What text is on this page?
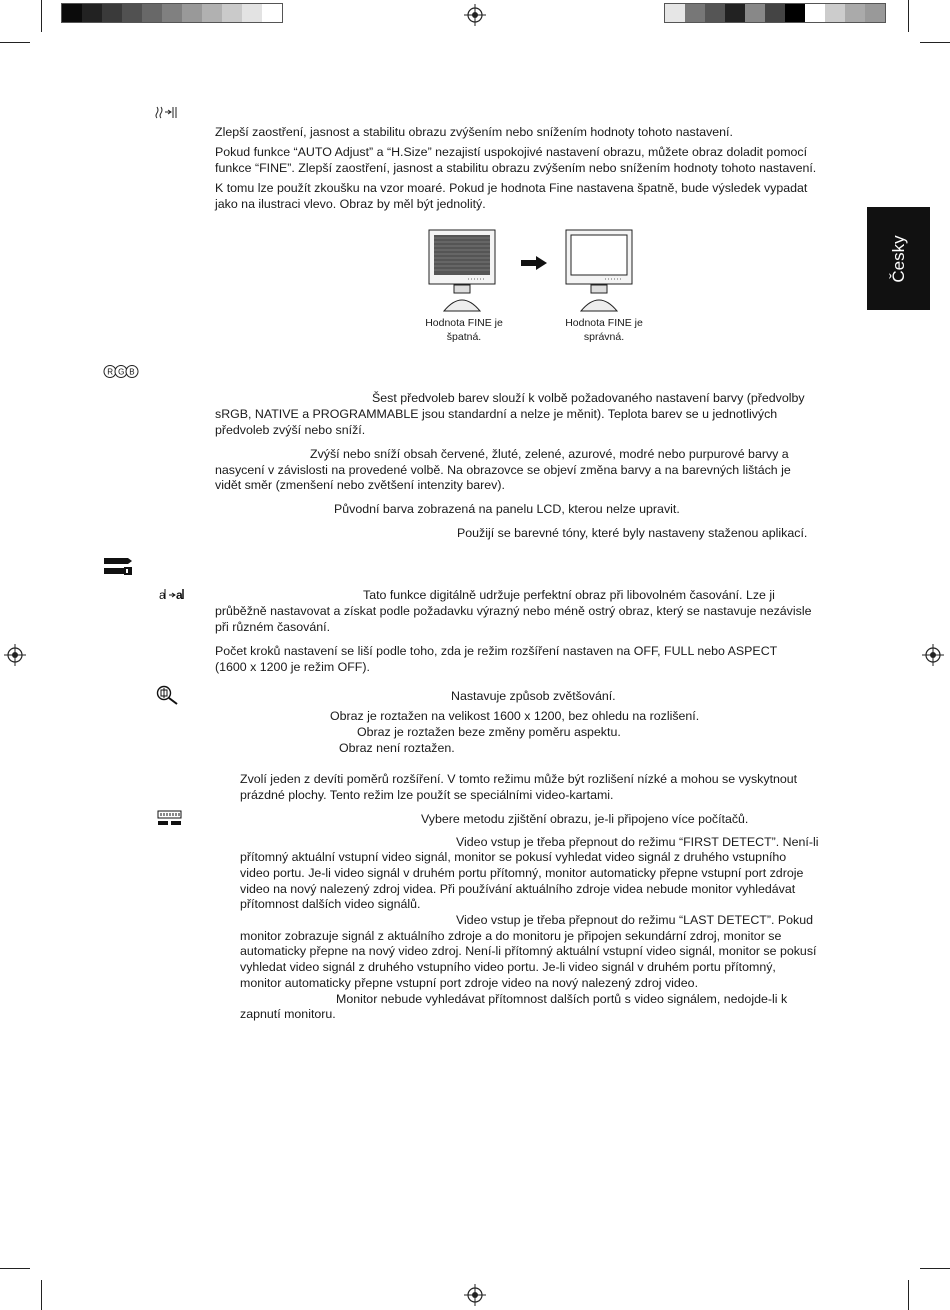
Česky

Zlepší zaostření, jasnost a stabilitu obrazu zvýšením nebo snížením hodnoty tohoto nastavení.

Pokud funkce “AUTO Adjust” a “H.Size” nezajistí uspokojivé nastavení obrazu, můžete obraz doladit pomocí

funkce “FINE”. Zlepší zaostření, jasnost a stabilitu obrazu zvýšením nebo snížením hodnoty tohoto nastavení.

K tomu lze použít zkoušku na vzor moaré. Pokud je hodnota Fine nastavena špatně, bude výsledek vypadat

jako na ilustraci vlevo. Obraz by měl být jednolitý.

Hodnota FINE je
špatná.
Hodnota FINE je
správná.
R G B

Šest předvoleb barev slouží k volbě požadovaného nastavení barvy (předvolby

sRGB, NATIVE a PROGRAMMABLE jsou standardní a nelze je měnit). Teplota barev se u jednotlivých

předvoleb zvýší nebo sníží.

Zvýší nebo sníží obsah červené, žluté, zelené, azurové, modré nebo purpurové barvy a

nasycení v závislosti na provedené volbě. Na obrazovce se objeví změna barvy a na barevných lištách je

vidět směr (zmenšení nebo zvětšení intenzity barev).

Původní barva zobrazená na panelu LCD, kterou nelze upravit.

Použijí se barevné tóny, které byly nastaveny staženou aplikací.

a a	Tato funkce digitálně udržuje perfektní obraz při libovolném časování. Lze ji

průběžně nastavovat a získat podle požadavku výrazný nebo méně ostrý obraz, který se nastavuje nezávisle

při různém časování.

Počet kroků nastavení se liší podle toho, zda je režim rozšíření nastaven na OFF, FULL nebo ASPECT

(1600 x 1200 je režim OFF).

Nastavuje způsob zvětšování.

Obraz je roztažen na velikost 1600 x 1200, bez ohledu na rozlišení.

Obraz je roztažen beze změny poměru aspektu.

Obraz není roztažen.

Zvolí jeden z devíti poměrů rozšíření. V tomto režimu může být rozlišení nízké a mohou se vyskytnout

prázdné plochy. Tento režim lze použít se speciálními video-kartami.

Vybere metodu zjištění obrazu, je-li připojeno více počítačů.

Video vstup je třeba přepnout do režimu “FIRST DETECT”. Není-li

přítomný aktuální vstupní video signál, monitor se pokusí vyhledat video signál z druhého vstupního

video portu. Je-li video signál v druhém portu přítomný, monitor automaticky přepne vstupní port zdroje

video na nový nalezený zdroj videa. Při používání aktuálního zdroje videa nebude monitor vyhledávat

přítomnost dalších video signálů.

Video vstup je třeba přepnout do režimu “LAST DETECT”. Pokud

monitor zobrazuje signál z aktuálního zdroje a do monitoru je připojen sekundární zdroj, monitor se

automaticky přepne na nový video zdroj. Není-li přítomný aktuální vstupní video signál, monitor se pokusí

vyhledat video signál z druhého vstupního video portu. Je-li video signál v druhém portu přítomný,

monitor automaticky přepne vstupní port zdroje video na nový nalezený zdroj video.

Monitor nebude vyhledávat přítomnost dalších portů s video signálem, nedojde-li k

zapnutí monitoru.
